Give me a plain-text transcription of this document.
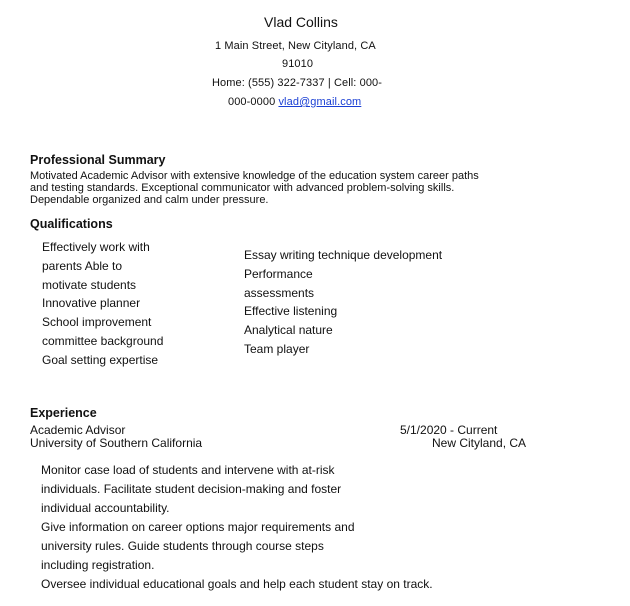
Vlad Collins
1 Main Street, New Cityland, CA
91010
Home: (555) 322-7337 | Cell: 000-
000-0000 vlad@gmail.com
Professional Summary
Motivated Academic Advisor with extensive knowledge of the education system career paths
and testing standards. Exceptional communicator with advanced problem-solving skills.
Dependable organized and calm under pressure.
Qualifications
Effectively work with
parents Able to
motivate students
Innovative planner
School improvement
committee background
Goal setting expertise
Essay writing technique development
Performance
assessments
Effective listening
Analytical nature
Team player
Experience
Academic Advisor
University of Southern California
5/1/2020 - Current
New Cityland, CA
Monitor case load of students and intervene with at-risk
individuals. Facilitate student decision-making and foster
individual accountability.
Give information on career options major requirements and
university rules. Guide students through course steps
including registration.
Oversee individual educational goals and help each student stay on track.
